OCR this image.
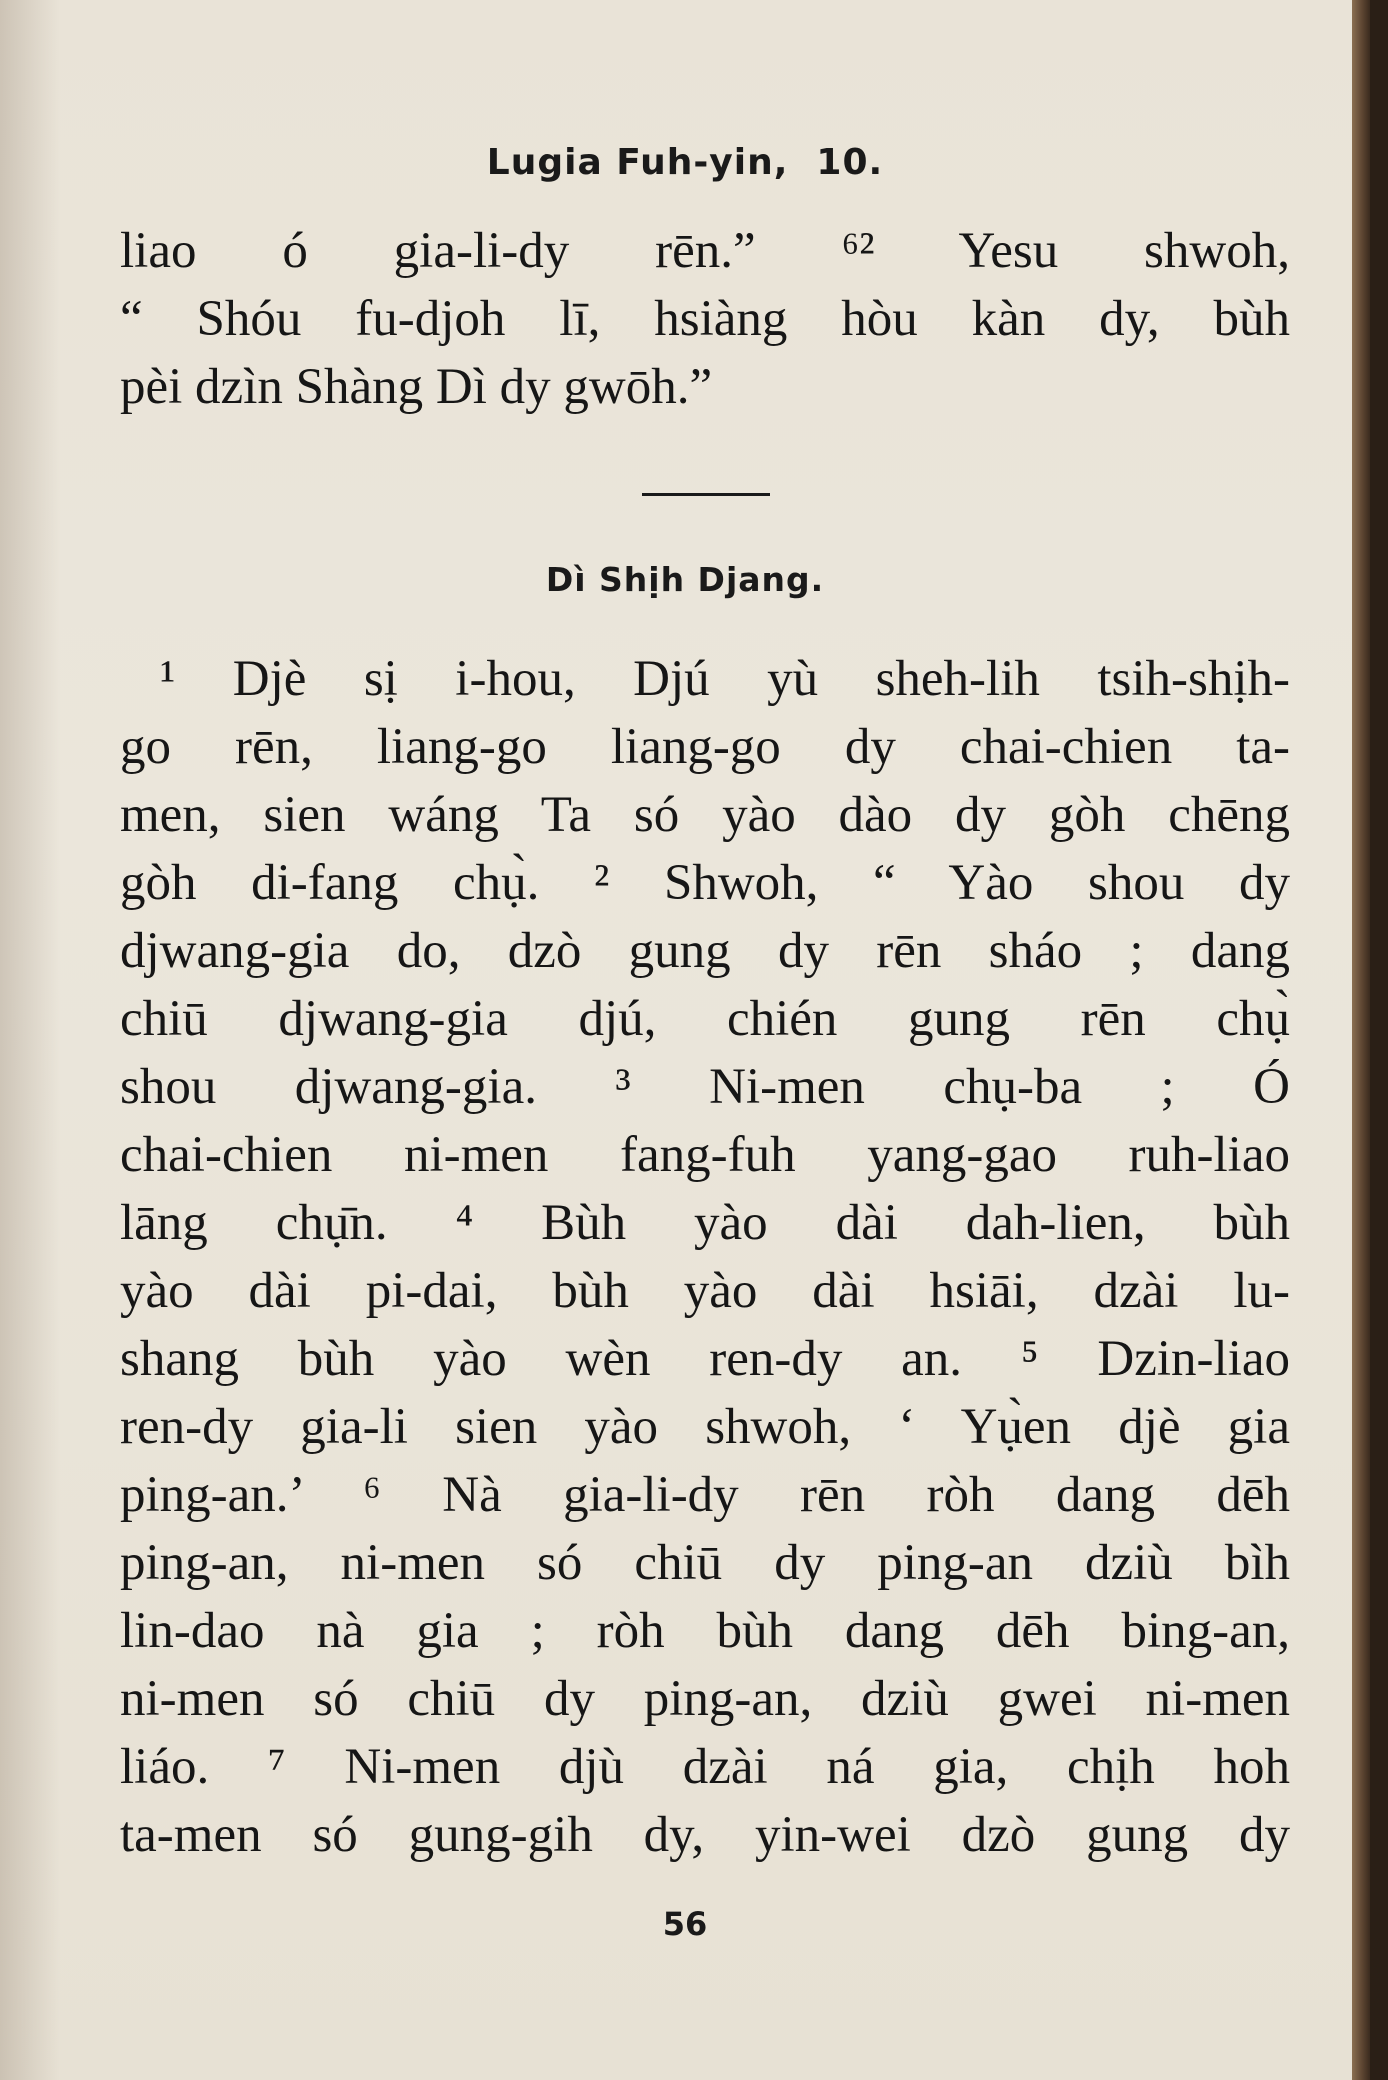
Lugia Fuh-yin, 10.
liao ó gia-li-dy rēn.” ⁶² Yesu shwoh,
“ Shóu fu-djoh lī, hsiàng hòu kàn dy, bùh
pèi dzìn Shàng Dì dy gwōh.”
Dì Shịh Djang.
¹ Djè sị i-hou, Djú yù sheh-lih tsih-shịh-
go rēn, liang-go liang-go dy chai-chien ta-
men, sien wáng Ta só yào dào dy gòh chēng
gòh di-fang chụ̀. ² Shwoh, “ Yào shou dy
djwang-gia do, dzò gung dy rēn sháo ; dang
chiū djwang-gia djú, chién gung rēn chụ̀
shou djwang-gia. ³ Ni-men chụ-ba ; Ó
chai-chien ni-men fang-fuh yang-gao ruh-liao
lāng chụ̄n. ⁴ Bùh yào dài dah-lien, bùh
yào dài pi-dai, bùh yào dài hsiāi, dzài lu-
shang bùh yào wèn ren-dy an. ⁵ Dzin-liao
ren-dy gia-li sien yào shwoh, ‘ Yụ̀en djè gia
ping-an.’ ⁶ Nà gia-li-dy rēn ròh dang dēh
ping-an, ni-men só chiū dy ping-an dziù bìh
lin-dao nà gia ; ròh bùh dang dēh bing-an,
ni-men só chiū dy ping-an, dziù gwei ni-men
liáo. ⁷ Ni-men djù dzài ná gia, chịh hoh
ta-men só gung-gih dy, yin-wei dzò gung dy
56
